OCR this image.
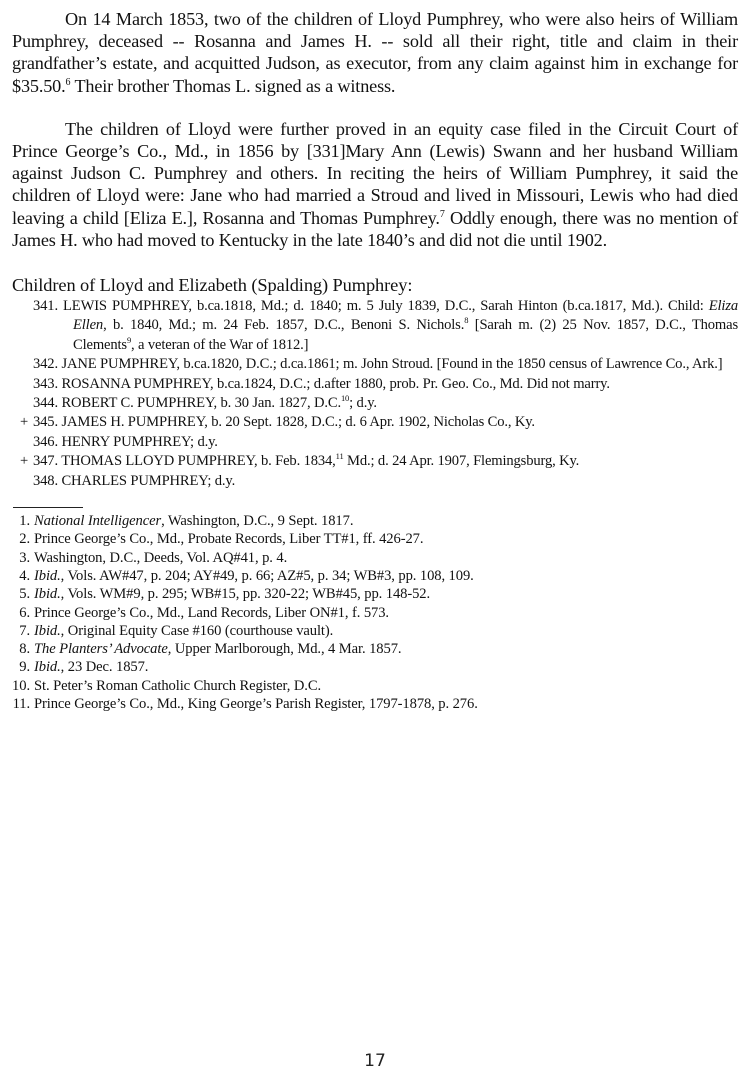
On 14 March 1853, two of the children of Lloyd Pumphrey, who were also heirs of William Pumphrey, deceased -- Rosanna and James H. -- sold all their right, title and claim in their grandfather’s estate, and acquitted Judson, as executor, from any claim against him in exchange for $35.50.$^6$ Their brother Thomas L. signed as a witness.

The children of Lloyd were further proved in an equity case filed in the Circuit Court of Prince George’s Co., Md., in 1856 by [331]Mary Ann (Lewis) Swann and her husband William against Judson C. Pumphrey and others. In reciting the heirs of William Pumphrey, it said the children of Lloyd were: Jane who had married a Stroud and lived in Missouri, Lewis who had died leaving a child [Eliza E.], Rosanna and Thomas Pumphrey.$^7$ Oddly enough, there was no mention of James H. who had moved to Kentucky in the late 1840’s and did not die until 1902.

Children of Lloyd and Elizabeth (Spalding) Pumphrey:
341. LEWIS PUMPHREY, b.ca.1818, Md.; d. 1840; m. 5 July 1839, D.C., Sarah Hinton (b.ca.1817, Md.). Child: Eliza Ellen, b. 1840, Md.; m. 24 Feb. 1857, D.C., Benoni S. Nichols.$^8$ [Sarah m. (2) 25 Nov. 1857, D.C., Thomas Clements$^9$, a veteran of the War of 1812.]
342. JANE PUMPHREY, b.ca.1820, D.C.; d.ca.1861; m. John Stroud. [Found in the 1850 census of Lawrence Co., Ark.]
343. ROSANNA PUMPHREY, b.ca.1824, D.C.; d.after 1880, prob. Pr. Geo. Co., Md. Did not marry.
344. ROBERT C. PUMPHREY, b. 30 Jan. 1827, D.C.$^{10}$; d.y.
+ 345. JAMES H. PUMPHREY, b. 20 Sept. 1828, D.C.; d. 6 Apr. 1902, Nicholas Co., Ky.
346. HENRY PUMPHREY; d.y.
+ 347. THOMAS LLOYD PUMPHREY, b. Feb. 1834,11 Md.; d. 24 Apr. 1907, Flemingsburg, Ky.
348. CHARLES PUMPHREY; d.y.
1. National Intelligencer, Washington, D.C., 9 Sept. 1817.
2. Prince George’s Co., Md., Probate Records, Liber TT#1, ff. 426-27.
3. Washington, D.C., Deeds, Vol. AQ#41, p. 4.
4. Ibid., Vols. AW#47, p. 204; AY#49, p. 66; AZ#5, p. 34; WB#3, pp. 108, 109.
5. Ibid., Vols. WM#9, p. 295; WB#15, pp. 320-22; WB#45, pp. 148-52.
6. Prince George’s Co., Md., Land Records, Liber ON#1, f. 573.
7. Ibid., Original Equity Case #160 (courthouse vault).
8. The Planters’ Advocate, Upper Marlborough, Md., 4 Mar. 1857.
9. Ibid., 23 Dec. 1857.
10. St. Peter’s Roman Catholic Church Register, D.C.
11. Prince George’s Co., Md., King George’s Parish Register, 1797-1878, p. 276.
17
